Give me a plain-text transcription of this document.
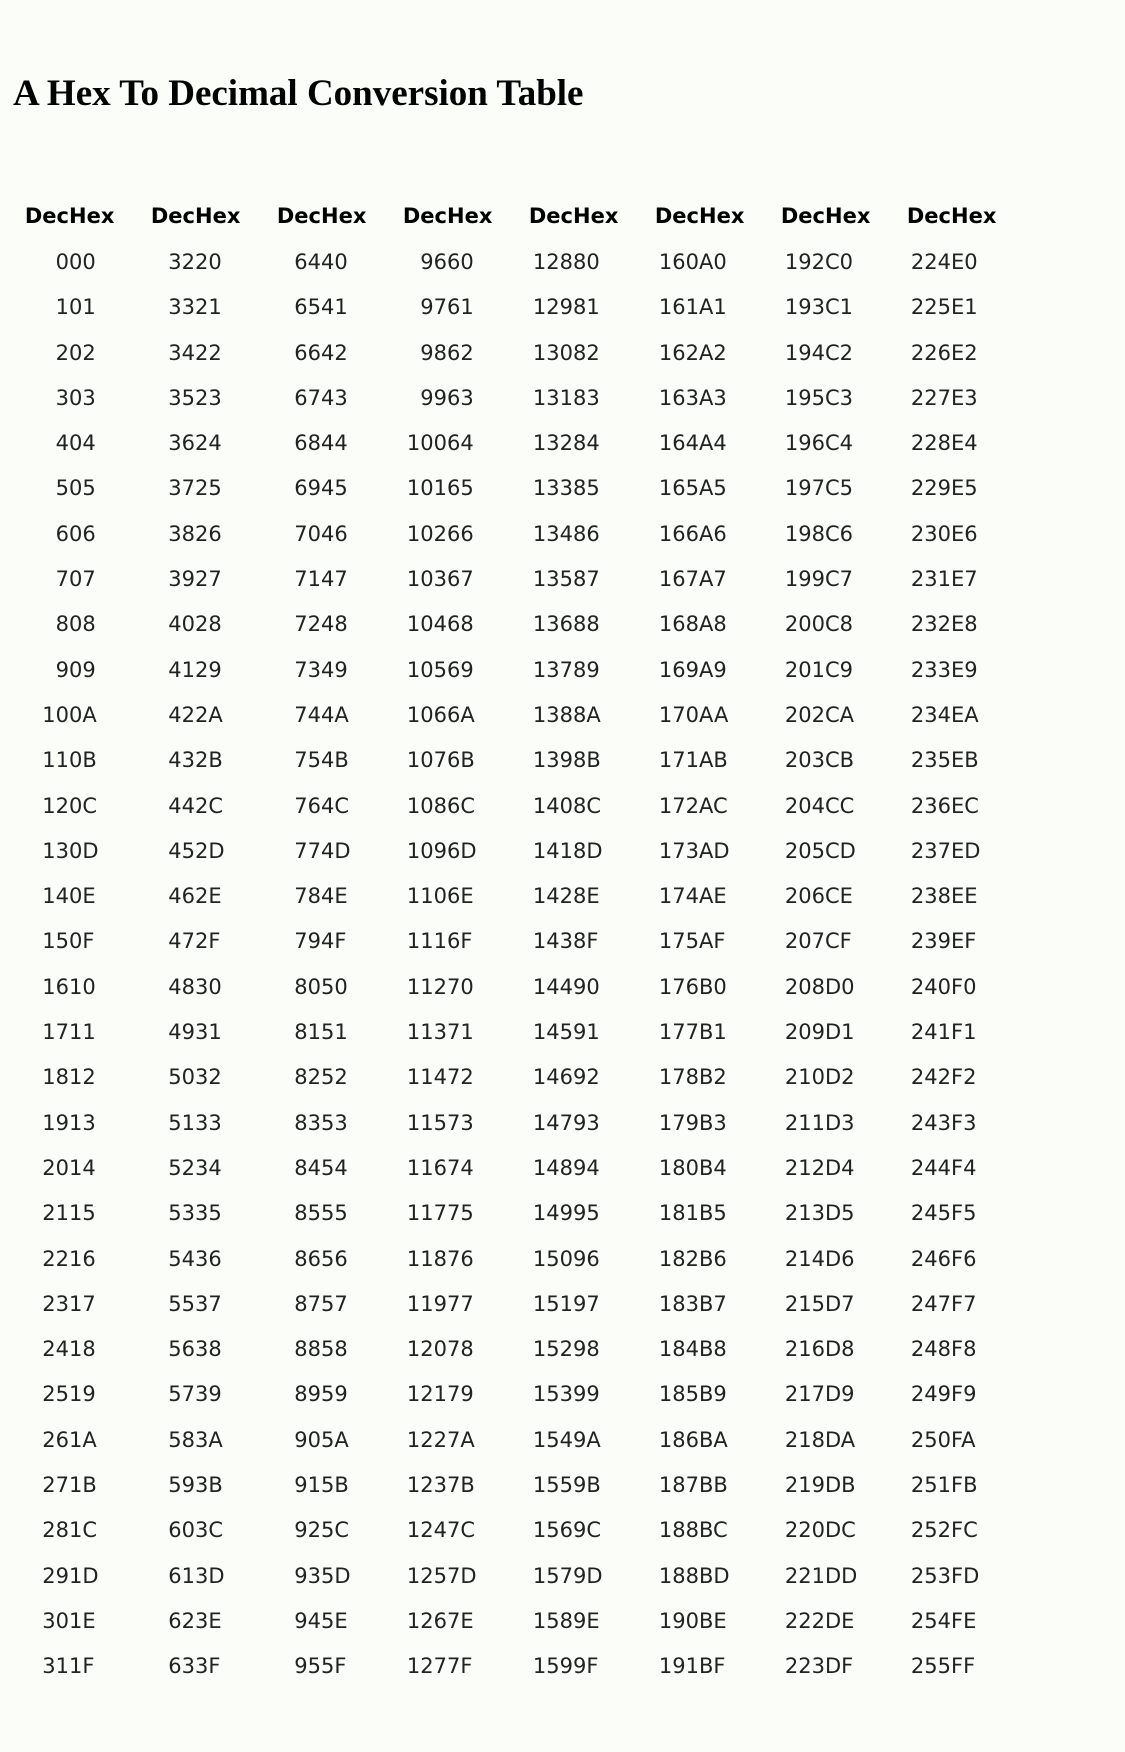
A Hex To Decimal Conversion Table
Dec	Hex	Dec	Hex	Dec	Hex	Dec	Hex	Dec	Hex	Dec	Hex	Dec	Hex	Dec	Hex
0	00	32	20	64	40	96	60	128	80	160	A0	192	C0	224	E0
1	01	33	21	65	41	97	61	129	81	161	A1	193	C1	225	E1
2	02	34	22	66	42	98	62	130	82	162	A2	194	C2	226	E2
3	03	35	23	67	43	99	63	131	83	163	A3	195	C3	227	E3
4	04	36	24	68	44	100	64	132	84	164	A4	196	C4	228	E4
5	05	37	25	69	45	101	65	133	85	165	A5	197	C5	229	E5
6	06	38	26	70	46	102	66	134	86	166	A6	198	C6	230	E6
7	07	39	27	71	47	103	67	135	87	167	A7	199	C7	231	E7
8	08	40	28	72	48	104	68	136	88	168	A8	200	C8	232	E8
9	09	41	29	73	49	105	69	137	89	169	A9	201	C9	233	E9
10	0A	42	2A	74	4A	106	6A	138	8A	170	AA	202	CA	234	EA
11	0B	43	2B	75	4B	107	6B	139	8B	171	AB	203	CB	235	EB
12	0C	44	2C	76	4C	108	6C	140	8C	172	AC	204	CC	236	EC
13	0D	45	2D	77	4D	109	6D	141	8D	173	AD	205	CD	237	ED
14	0E	46	2E	78	4E	110	6E	142	8E	174	AE	206	CE	238	EE
15	0F	47	2F	79	4F	111	6F	143	8F	175	AF	207	CF	239	EF
16	10	48	30	80	50	112	70	144	90	176	B0	208	D0	240	F0
17	11	49	31	81	51	113	71	145	91	177	B1	209	D1	241	F1
18	12	50	32	82	52	114	72	146	92	178	B2	210	D2	242	F2
19	13	51	33	83	53	115	73	147	93	179	B3	211	D3	243	F3
20	14	52	34	84	54	116	74	148	94	180	B4	212	D4	244	F4
21	15	53	35	85	55	117	75	149	95	181	B5	213	D5	245	F5
22	16	54	36	86	56	118	76	150	96	182	B6	214	D6	246	F6
23	17	55	37	87	57	119	77	151	97	183	B7	215	D7	247	F7
24	18	56	38	88	58	120	78	152	98	184	B8	216	D8	248	F8
25	19	57	39	89	59	121	79	153	99	185	B9	217	D9	249	F9
26	1A	58	3A	90	5A	122	7A	154	9A	186	BA	218	DA	250	FA
27	1B	59	3B	91	5B	123	7B	155	9B	187	BB	219	DB	251	FB
28	1C	60	3C	92	5C	124	7C	156	9C	188	BC	220	DC	252	FC
29	1D	61	3D	93	5D	125	7D	157	9D	188	BD	221	DD	253	FD
30	1E	62	3E	94	5E	126	7E	158	9E	190	BE	222	DE	254	FE
31	1F	63	3F	95	5F	127	7F	159	9F	191	BF	223	DF	255	FF
